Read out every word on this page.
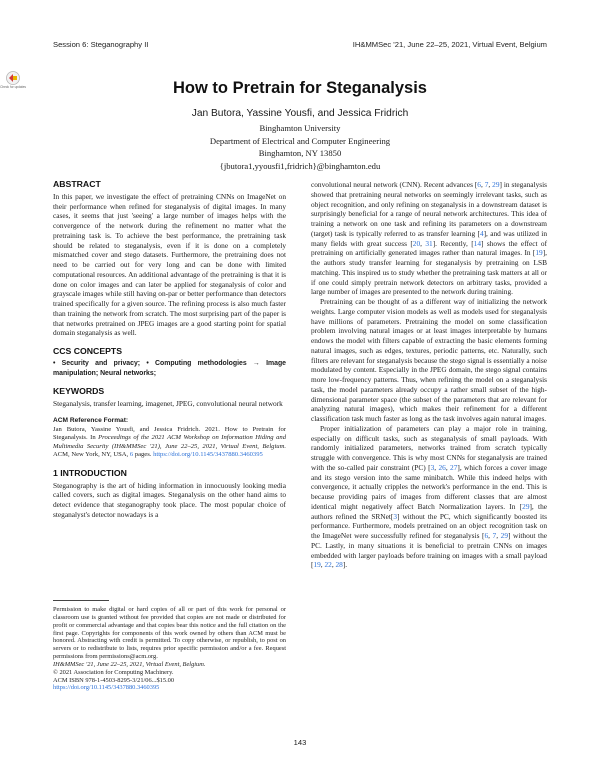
Session 6: Steganography II	IH&MMSec '21, June 22–25, 2021, Virtual Event, Belgium
Check for updates	How to Pretrain for Steganalysis
Jan Butora, Yassine Yousfi, and Jessica Fridrich
Binghamton University
Department of Electrical and Computer Engineering
Binghamton, NY 13850
{jbutora1,yyousfi1,fridrich}@binghamton.edu

ABSTRACT

In this paper, we investigate the effect of pretraining CNNs on ImageNet on their performance when refined for steganalysis of digital images. In many cases, it seems that just 'seeing' a large number of images helps with the convergence of the network during the refinement no matter what the pretraining task is. To achieve the best performance, the pretraining task should be related to steganalysis, even if it is done on a completely mismatched cover and stego datasets. Furthermore, the pretraining does not need to be carried out for very long and can be done with limited computational resources. An additional advantage of the pretraining is that it is done on color images and can later be applied for steganalysis of color and grayscale images while still having on-par or better performance than detectors trained specifically for a given source. The refining process is also much faster than training the network from scratch. The most surprising part of the paper is that networks pretrained on JPEG images are a good starting point for spatial domain steganalysis as well.

CCS CONCEPTS

• Security and privacy; • Computing methodologies → Image manipulation; Neural networks;

KEYWORDS

Steganalysis, transfer learning, imagenet, JPEG, convolutional neural network

ACM Reference Format:

Jan Butora, Yassine Yousfi, and Jessica Fridrich. 2021. How to Pretrain for Steganalysis. In Proceedings of the 2021 ACM Workshop on Information Hiding and Multimedia Security (IH&MMSec '21), June 22–25, 2021, Virtual Event, Belgium. ACM, New York, NY, USA, 6 pages. https://doi.org/10.1145/3437880.3460395

1 INTRODUCTION

Steganography is the art of hiding information in innocuously looking media called covers, such as digital images. Steganalysis on the other hand aims to detect evidence that steganography took place. The most popular choice of steganalyst's detector nowadays is a

Permission to make digital or hard copies of all or part of this work for personal or classroom use is granted without fee provided that copies are not made or distributed for profit or commercial advantage and that copies bear this notice and the full citation on the first page. Copyrights for components of this work owned by others than ACM must be honored. Abstracting with credit is permitted. To copy otherwise, or republish, to post on servers or to redistribute to lists, requires prior specific permission and/or a fee. Request permissions from permissions@acm.org.

IH&MMSec '21, June 22–25, 2021, Virtual Event, Belgium.

© 2021 Association for Computing Machinery.

ACM ISBN 978-1-4503-8295-3/21/06...$15.00

https://doi.org/10.1145/3437880.3460395

convolutional neural network (CNN). Recent advances [6, 7, 29] in steganalysis showed that pretraining neural networks on seemingly irrelevant tasks, such as object recognition, and only refining on steganalysis in a downstream dataset is surprisingly beneficial for a range of neural network architectures. This idea of training a network on one task and refining its parameters on a downstream (target) task is typically referred to as transfer learning [4], and was utilized in many fields with great success [20, 31]. Recently, [14] shows the effect of pretraining on artificially generated images rather than natural images. In [19], the authors study transfer learning for steganalysis by pretraining on LSB matching. This inspired us to study whether the pretraining task matters at all or if one could simply pretrain network detectors on arbitrary tasks, provided a large number of images are presented to the network during training.

Pretraining can be thought of as a different way of initializing the network weights. Large computer vision models as well as models used for steganalysis have millions of parameters. Pretraining the model on some classification problem involving natural images or at least images interpretable by humans endows the model with filters capable of extracting the basic elements forming natural images, such as edges, textures, periodic patterns, etc. Naturally, such filters are relevant for steganalysis because the stego signal is essentially a noise modulated by content. Especially in the JPEG domain, the stego signal contains more low-frequency patterns. Thus, when refining the model on a steganalysis task, the model parameters already occupy a rather small subset of the high-dimensional parameter space (the subset of the parameters that are relevant for analyzing natural images), which makes their refinement for a different classification task much faster as long as the task involves again natural images.

Proper initialization of parameters can play a major role in training, especially on difficult tasks, such as steganalysis of small payloads. With randomly initialized parameters, networks trained from scratch typically struggle with convergence. This is why most CNNs for steganalysis are trained with the so-called pair constraint (PC) [3, 26, 27], which forces a cover image and its stego version into the same minibatch. While this indeed helps with convergence, it actually cripples the network's performance in the end. This is because providing pairs of images from different classes that are almost identical might negatively affect Batch Normalization layers. In [29], the authors refined the SRNet[3] without the PC, which significantly boosted its performance. Furthermore, models pretrained on an object recognition task on the ImageNet were successfully refined for steganalysis [6, 7, 29] without the PC. Lastly, in many situations it is beneficial to pretrain CNNs on images embedded with larger payloads before training on images with a small payload [19, 22, 28].

143
